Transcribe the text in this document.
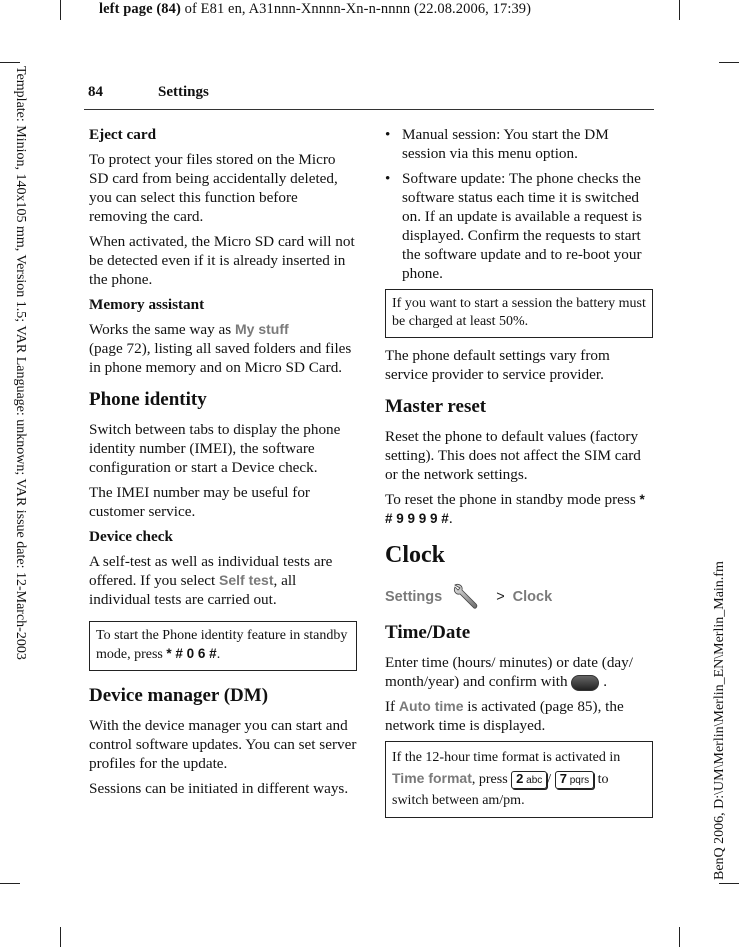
left page (84) of E81 en, A31nnn-Xnnnn-Xn-n-nnnn (22.08.2006, 17:39)
Template: Minion, 140x105 mm, Version 1.5; VAR Language: unknown; VAR issue date: 12-March-2003
BenQ 2006, D:\UM\Merlin\Merlin_EN\Merlin_Main.fm
84	Settings
Eject card

To protect your files stored on the Micro SD card from being accidentally deleted, you can select this function before removing the card.

When activated, the Micro SD card will not be detected even if it is already inserted in the phone.

Memory assistant

Works the same way as My stuff
(page 72), listing all saved folders and files in phone memory and on Micro SD Card.

Phone identity

Switch between tabs to display the phone identity number (IMEI), the software configuration or start a Device check.

The IMEI number may be useful for customer service.

Device check

A self-test as well as individual tests are offered. If you select Self test, all individual tests are carried out.

To start the Phone identity feature in standby mode, press * # 0 6 #.
Device manager (DM)

With the device manager you can start and control software updates. You can set server profiles for the update.

Sessions can be initiated in different ways.

• Manual session: You start the DM session via this menu option.
• Software update: The phone checks the software status each time it is switched on. If an update is available a request is displayed. Confirm the requests to start the software update and to re-boot your phone.
If you want to start a session the battery must be charged at least 50%.

The phone default settings vary from service provider to service provider.

Master reset

Reset the phone to default values (factory setting). This does not affect the SIM card or the network settings.

To reset the phone in standby mode press * # 9 9 9 9 #.

Clock
Settings	> Clock
Time/Date

Enter time (hours/ minutes) or date (day/ month/year) and confirm with .

If Auto time is activated (page 85), the network time is displayed.

If the 12-hour time format is activated in Time format, press 2 abc / 7 pqrs to switch between am/pm.
